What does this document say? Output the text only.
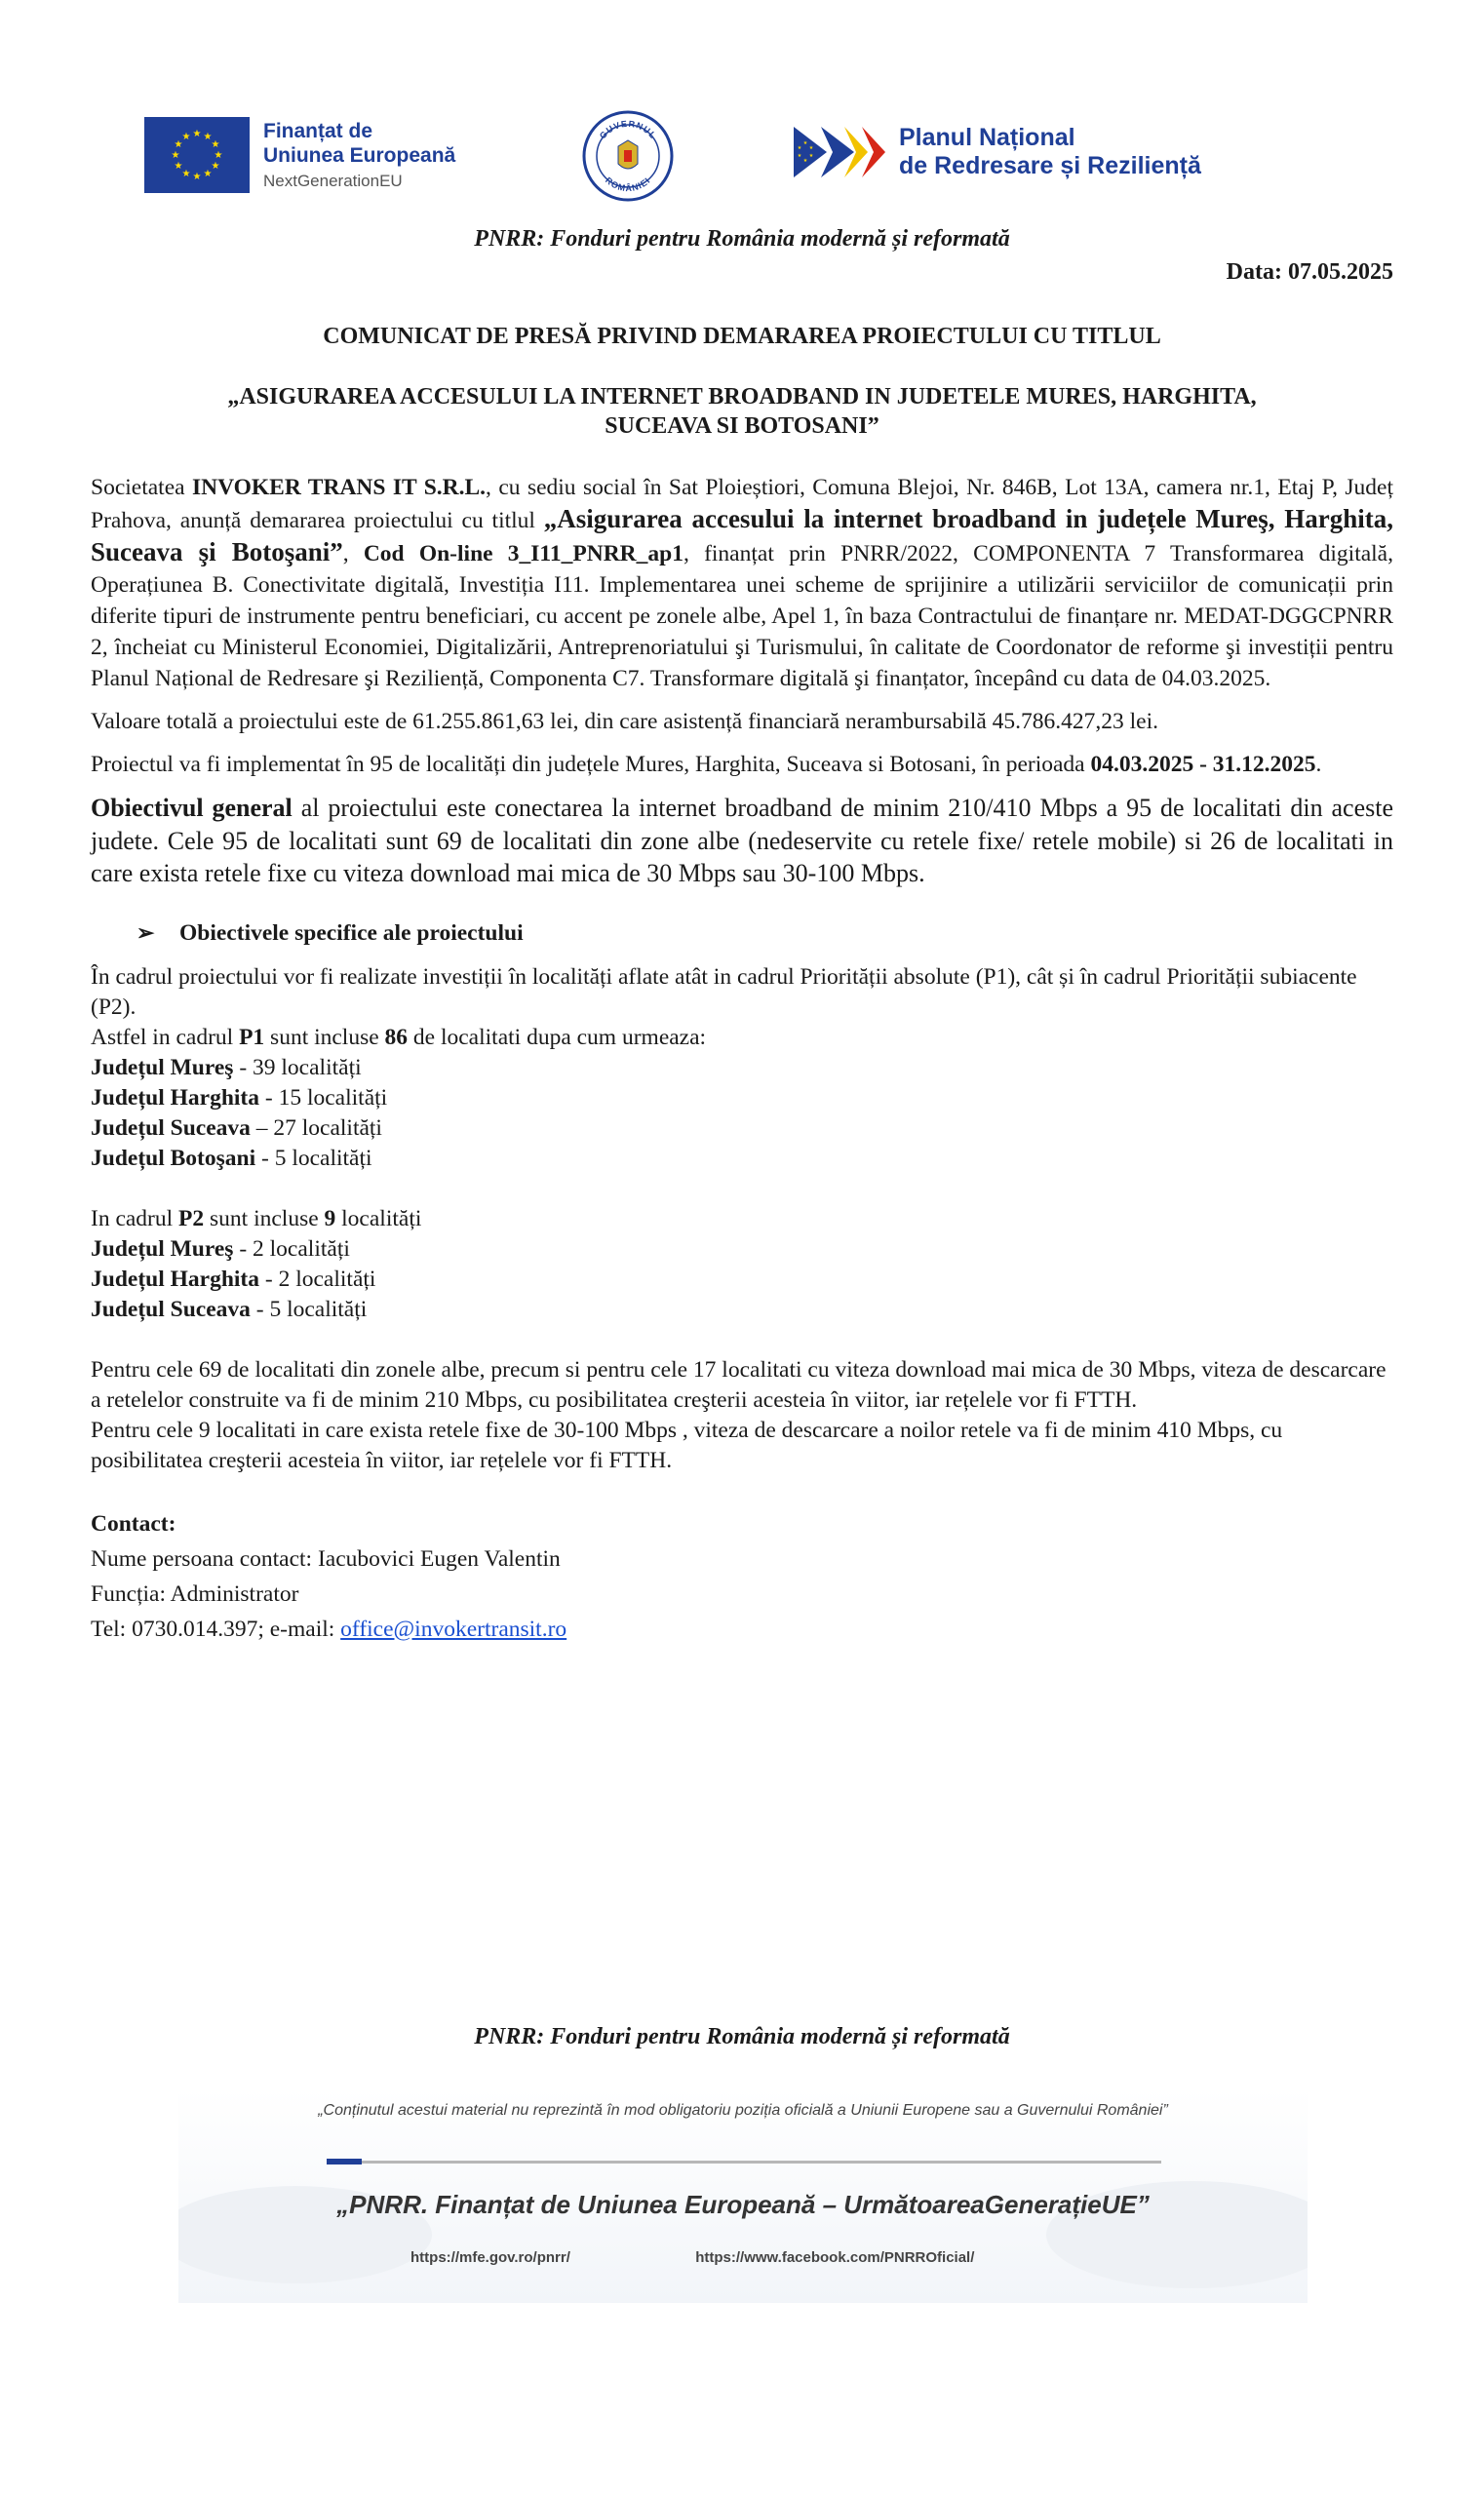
★ ★
★
★
★
★
★
★
★
★
★
★	Finanțat de
Uniunea Europeană
NextGenerationEU
GUVERNUL
ROMÂNIEI
★
★
★
★
★
★	Planul Național
de Redresare și Reziliență
PNRR: Fonduri pentru România modernă și reformată
Data: 07.05.2025
COMUNICAT DE PRESĂ PRIVIND DEMARAREA PROIECTULUI CU TITLUL
„ASIGURAREA ACCESULUI LA INTERNET BROADBAND IN JUDETELE MURES, HARGHITA,
SUCEAVA SI BOTOSANI”

Societatea INVOKER TRANS IT S.R.L., cu sediu social în Sat Ploieștiori, Comuna Blejoi, Nr. 846B, Lot 13A, camera nr.1, Etaj P, Județ Prahova, anunță demararea proiectului cu titlul „Asigurarea accesului la internet broadband in județele Mureş, Harghita, Suceava şi Botoşani”, Cod On-line 3_I11_PNRR_ap1, finanțat prin PNRR/2022, COMPONENTA 7 Transformarea digitală, Operațiunea B. Conectivitate digitală, Investiția I11. Implementarea unei scheme de sprijinire a utilizării serviciilor de comunicații prin diferite tipuri de instrumente pentru beneficiari, cu accent pe zonele albe, Apel 1, în baza Contractului de finanțare nr. MEDAT-DGGCPNRR 2, încheiat cu Ministerul Economiei, Digitalizării, Antreprenoriatului şi Turismului, în calitate de Coordonator de reforme şi investiții pentru Planul Național de Redresare şi Reziliență, Componenta C7. Transformare digitală şi finanțator, începând cu data de 04.03.2025.

Valoare totală a proiectului este de 61.255.861,63 lei, din care asistență financiară nerambursabilă 45.786.427,23 lei.

Proiectul va fi implementat în 95 de localități din județele Mures, Harghita, Suceava si Botosani, în perioada 04.03.2025 - 31.12.2025.

Obiectivul general al proiectului este conectarea la internet broadband de minim 210/410 Mbps a 95 de localitati din aceste judete. Cele 95 de localitati sunt 69 de localitati din zone albe (nedeservite cu retele fixe/ retele mobile) si 26 de localitati in care exista retele fixe cu viteza download mai mica de 30 Mbps sau 30-100 Mbps.

➢ Obiectivele specifice ale proiectului

În cadrul proiectului vor fi realizate investiții în localități aflate atât in cadrul Priorității absolute (P1), cât și în cadrul Priorității subiacente (P2).

Astfel in cadrul P1 sunt incluse 86 de localitati dupa cum urmeaza:

Județul Mureş - 39 localități

Județul Harghita - 15 localități

Județul Suceava – 27 localități

Județul Botoşani - 5 localități

In cadrul P2 sunt incluse 9 localități

Județul Mureş - 2 localități

Județul Harghita - 2 localități

Județul Suceava - 5 localități

Pentru cele 69 de localitati din zonele albe, precum si pentru cele 17 localitati cu viteza download mai mica de 30 Mbps, viteza de descarcare a retelelor construite va fi de minim 210 Mbps, cu posibilitatea creşterii acesteia în viitor, iar rețelele vor fi FTTH.

Pentru cele 9 localitati in care exista retele fixe de 30-100 Mbps , viteza de descarcare a noilor retele va fi de minim 410 Mbps, cu posibilitatea creşterii acesteia în viitor, iar rețelele vor fi FTTH.

Contact:

Nume persoana contact: Iacubovici Eugen Valentin

Funcția: Administrator

Tel: 0730.014.397; e-mail: office@invokertransit.ro

PNRR: Fonduri pentru România modernă și reformată
„Conținutul acestui material nu reprezintă în mod obligatoriu poziția oficială a Uniunii Europene sau a Guvernului României”
„PNRR. Finanțat de Uniunea Europeană – UrmătoareaGenerațieUE”
https://mfe.gov.ro/pnrr/	https://www.facebook.com/PNRROficial/
